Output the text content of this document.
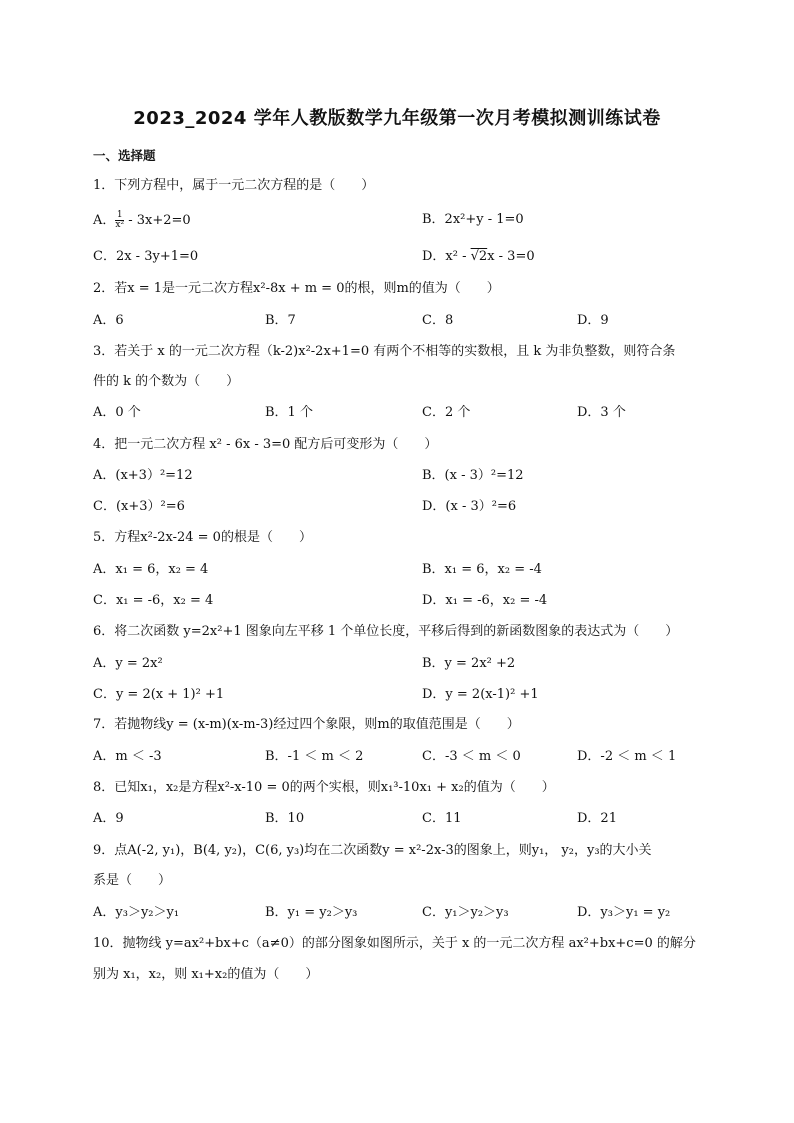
2023_2024 学年人教版数学九年级第一次月考模拟测训练试卷
一、选择题
1．下列方程中，属于一元二次方程的是（　　）
A． $\frac{1}{\text{x²}} - 3x+2=0$	B．2x²+y - 1=0
C．2x - 3y+1=0	D．x² - √2x - 3=0
2．若x = 1是一元二次方程x²-8x + m = 0的根，则m的值为（　　）
A．6	B．7	C．8	D．9
3．若关于 x 的一元二次方程（k-2)x²-2x+1=0 有两个不相等的实数根，且 k 为非负整数，则符合条
件的 k 的个数为（　　）
A．0 个	B．1 个	C．2 个	D．3 个
4．把一元二次方程 x² - 6x - 3=0 配方后可变形为（　　）
A．(x+3）²=12	B．(x - 3）²=12
C．(x+3）²=6	D．(x - 3）²=6
5．方程x²-2x-24 = 0的根是（　　）
A．x₁ = 6，x₂ = 4	B．x₁ = 6，x₂ = -4
C．x₁ = -6，x₂ = 4	D．x₁ = -6，x₂ = -4
6．将二次函数 y=2x²+1 图象向左平移 1 个单位长度，平移后得到的新函数图象的表达式为（　　）
A．y = 2x²	B．y = 2x² +2
C．y = 2(x + 1)² +1	D．y = 2(x-1)² +1
7．若抛物线y = (x-m)(x-m-3)经过四个象限，则m的取值范围是（　　）
A．m ＜ -3	B．-1 ＜ m ＜ 2	C．-3 ＜ m ＜ 0	D．-2 ＜ m ＜ 1
8．已知x₁，x₂是方程x²-x-10 = 0的两个实根，则x₁³-10x₁ + x₂的值为（　　）
A．9	B．10	C．11	D．21
9．点A(-2, y₁)，B(4, y₂)，C(6, y₃)均在二次函数y = x²-2x-3的图象上，则y₁， y₂，y₃的大小关
系是（　　）
A．y₃＞y₂＞y₁	B．y₁ = y₂＞y₃	C．y₁＞y₂＞y₃	D．y₃＞y₁ = y₂
10．抛物线 y=ax²+bx+c（a≠0）的部分图象如图所示，关于 x 的一元二次方程 ax²+bx+c=0 的解分
别为 x₁，x₂，则 x₁+x₂的值为（　　）
